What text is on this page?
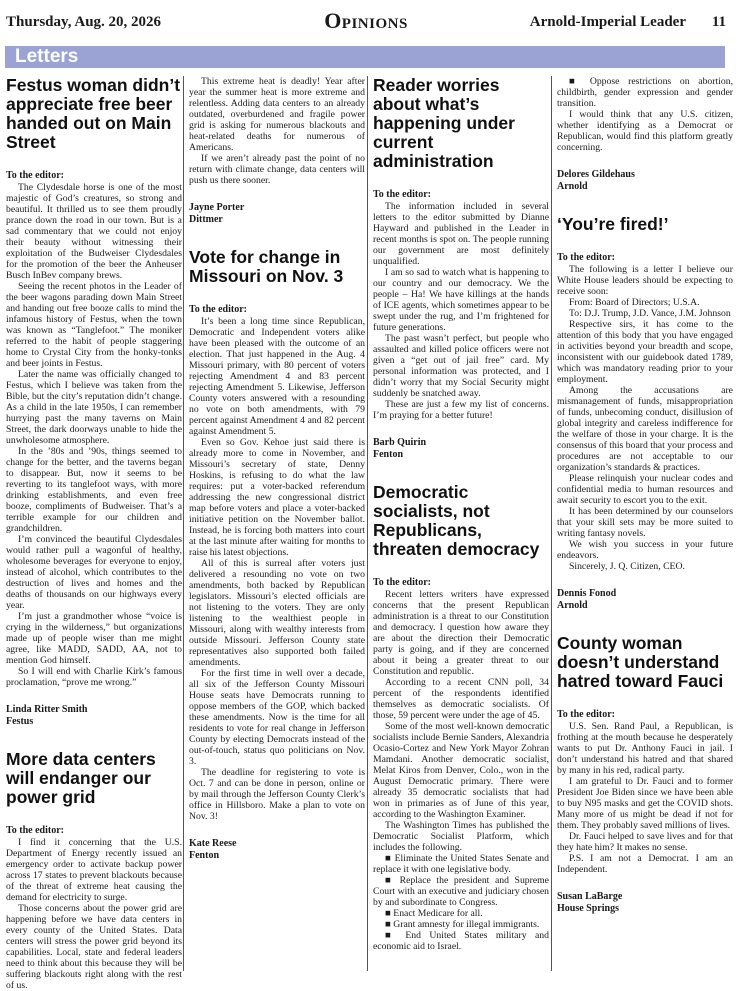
Thursday, Aug. 20, 2026	Opinions	Arnold-Imperial Leader 11
Letters
Festus woman didn’t appreciate free beer handed out on Main Street
To the editor:

The Clydesdale horse is one of the most majestic of God’s creatures, so strong and beautiful. It thrilled us to see them proudly prance down the road in our town. But is a sad commentary that we could not enjoy their beauty without witnessing their exploitation of the Budweiser Clydesdales for the promotion of the beer the Anheuser Busch InBev company brews.

Seeing the recent photos in the Leader of the beer wagons parading down Main Street and handing out free booze calls to mind the infamous history of Festus, when the town was known as “Tanglefoot.” The moniker referred to the habit of people staggering home to Crystal City from the honky-tonks and beer joints in Festus.

Later the name was officially changed to Festus, which I believe was taken from the Bible, but the city’s reputation didn’t change. As a child in the late 1950s, I can remember hurrying past the many taverns on Main Street, the dark doorways unable to hide the unwholesome atmosphere.

In the ’80s and ’90s, things seemed to change for the better, and the taverns began to disappear. But, now it seems to be reverting to its tanglefoot ways, with more drinking establishments, and even free booze, compliments of Budweiser. That’s a terrible example for our children and grandchildren.

I’m convinced the beautiful Clydesdales would rather pull a wagonful of healthy, wholesome beverages for everyone to enjoy, instead of alcohol, which contributes to the destruction of lives and homes and the deaths of thousands on our highways every year.

I’m just a grandmother whose “voice is crying in the wilderness,” but organizations made up of people wiser than me might agree, like MADD, SADD, AA, not to mention God himself.

So I will end with Charlie Kirk’s famous proclamation, “prove me wrong.”

Linda Ritter Smith
Festus
More data centers will endanger our power grid
To the editor:

I find it concerning that the U.S. Department of Energy recently issued an emergency order to activate backup power across 17 states to prevent blackouts because of the threat of extreme heat causing the demand for electricity to surge.

Those concerns about the power grid are happening before we have data centers in every county of the United States. Data centers will stress the power grid beyond its capabilities. Local, state and federal leaders need to think about this because they will be suffering blackouts right along with the rest of us.

This extreme heat is deadly! Year after year the summer heat is more extreme and relentless. Adding data centers to an already outdated, overburdened and fragile power grid is asking for numerous blackouts and heat-related deaths for numerous of Americans.

If we aren’t already past the point of no return with climate change, data centers will push us there sooner.

Jayne Porter
Dittmer
Vote for change in Missouri on Nov. 3
To the editor:

It’s been a long time since Republican, Democratic and Independent voters alike have been pleased with the outcome of an election. That just happened in the Aug. 4 Missouri primary, with 80 percent of voters rejecting Amendment 4 and 83 percent rejecting Amendment 5. Likewise, Jefferson County voters answered with a resounding no vote on both amendments, with 79 percent against Amendment 4 and 82 percent against Amendment 5.

Even so Gov. Kehoe just said there is already more to come in November, and Missouri’s secretary of state, Denny Hoskins, is refusing to do what the law requires: put a voter-backed referendum addressing the new congressional district map before voters and place a voter-backed initiative petition on the November ballot. Instead, he is forcing both matters into court at the last minute after waiting for months to raise his latest objections.

All of this is surreal after voters just delivered a resounding no vote on two amendments, both backed by Republican legislators. Missouri’s elected officials are not listening to the voters. They are only listening to the wealthiest people in Missouri, along with wealthy interests from outside Missouri. Jefferson County state representatives also supported both failed amendments.

For the first time in well over a decade, all six of the Jefferson County Missouri House seats have Democrats running to oppose members of the GOP, which backed these amendments. Now is the time for all residents to vote for real change in Jefferson County by electing Democrats instead of the out-of-touch, status quo politicians on Nov. 3.

The deadline for registering to vote is Oct. 7 and can be done in person, online or by mail through the Jefferson County Clerk’s office in Hillsboro. Make a plan to vote on Nov. 3!

Kate Reese
Fenton
Reader worries about what’s happening under current administration
To the editor:

The information included in several letters to the editor submitted by Dianne Hayward and published in the Leader in recent months is spot on. The people running our government are most definitely unqualified.

I am so sad to watch what is happening to our country and our democracy. We the people – Ha! We have killings at the hands of ICE agents, which sometimes appear to be swept under the rug, and I’m frightened for future generations.

The past wasn’t perfect, but people who assaulted and killed police officers were not given a “get out of jail free” card. My personal information was protected, and I didn’t worry that my Social Security might suddenly be snatched away.

These are just a few my list of concerns. I’m praying for a better future!

Barb Quirin
Fenton
Democratic socialists, not Republicans, threaten democracy
To the editor:

Recent letters writers have expressed concerns that the present Republican administration is a threat to our Constitution and democracy. I question how aware they are about the direction their Democratic party is going, and if they are concerned about it being a greater threat to our Constitution and republic.

According to a recent CNN poll, 34 percent of the respondents identified themselves as democratic socialists. Of those, 59 percent were under the age of 45.

Some of the most well-known democratic socialists include Bernie Sanders, Alexandria Ocasio-Cortez and New York Mayor Zohran Mamdani. Another democratic socialist, Melat Kiros from Denver, Colo., won in the August Democratic primary. There were already 35 democratic socialists that had won in primaries as of June of this year, according to the Washington Examiner.

The Washington Times has published the Democratic Socialist Platform, which includes the following.

■ Eliminate the United States Senate and replace it with one legislative body.

■ Replace the president and Supreme Court with an executive and judiciary chosen by and subordinate to Congress.

■ Enact Medicare for all.

■ Grant amnesty for illegal immigrants.

■ End United States military and economic aid to Israel.

■ Oppose restrictions on abortion, childbirth, gender expression and gender transition.

I would think that any U.S. citizen, whether identifying as a Democrat or Republican, would find this platform greatly concerning.

Delores Gildehaus
Arnold
‘You’re fired!’
To the editor:

The following is a letter I believe our White House leaders should be expecting to receive soon:

From: Board of Directors; U.S.A.

To: D.J. Trump, J.D. Vance, J.M. Johnson

Respective sirs, it has come to the attention of this body that you have engaged in activities beyond your breadth and scope, inconsistent with our guidebook dated 1789, which was mandatory reading prior to your employment.

Among the accusations are mismanagement of funds, misappropriation of funds, unbecoming conduct, disillusion of global integrity and careless indifference for the welfare of those in your charge. It is the consensus of this board that your process and procedures are not acceptable to our organization’s standards & practices.

Please relinquish your nuclear codes and confidential media to human resources and await security to escort you to the exit.

It has been determined by our counselors that your skill sets may be more suited to writing fantasy novels.

We wish you success in your future endeavors.

Sincerely, J. Q. Citizen, CEO.

Dennis Fonod
Arnold
County woman doesn’t understand hatred toward Fauci
To the editor:

U.S. Sen. Rand Paul, a Republican, is frothing at the mouth because he desperately wants to put Dr. Anthony Fauci in jail. I don’t understand his hatred and that shared by many in his red, radical party.

I am grateful to Dr. Fauci and to former President Joe Biden since we have been able to buy N95 masks and get the COVID shots. Many more of us might be dead if not for them. They probably saved millions of lives.

Dr. Fauci helped to save lives and for that they hate him? It makes no sense.

P.S. I am not a Democrat. I am an Independent.

Susan LaBarge
House Springs
